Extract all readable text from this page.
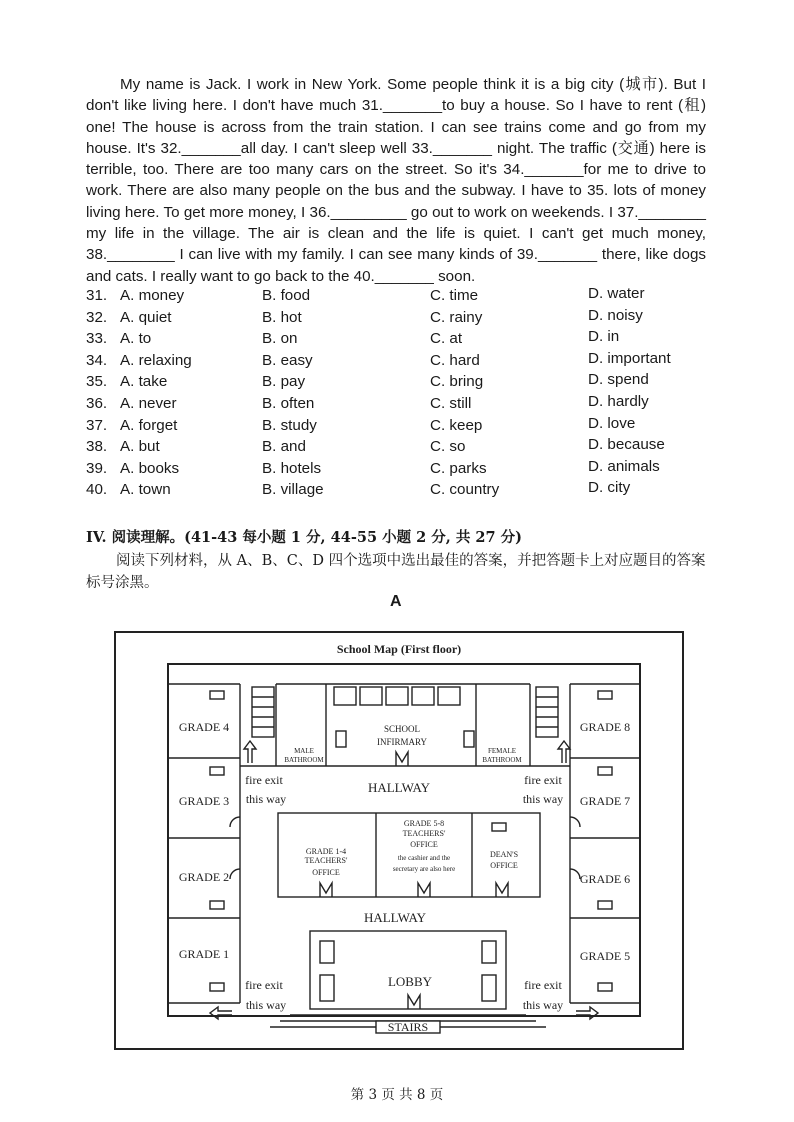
My name is Jack. I work in New York. Some people think it is a big city (城市). But I don't like living here. I don't have much 31._______to buy a house. So I have to rent (租) one! The house is across from the train station. I can see trains come and go from my house. It's 32._______all day. I can't sleep well 33._______ night. The traffic (交通) here is terrible, too. There are too many cars on the street. So it's 34._______for me to drive to work. There are also many people on the bus and the subway. I have to 35. lots of money living here. To get more money, I 36._________ go out to work on weekends. I 37.________ my life in the village. The air is clean and the life is quiet. I can't get much money, 38.________ I can live with my family. I can see many kinds of 39._______ there, like dogs and cats. I really want to go back to the 40._______ soon.

31. A. money	B. food	C. time	D. water
32. A. quiet	B. hot	C. rainy	D. noisy
33. A. to	B. on	C. at	D. in
34. A. relaxing	B. easy	C. hard	D. important
35. A. take	B. pay	C. bring	D. spend
36. A. never	B. often	C. still	D. hardly
37. A. forget	B. study	C. keep	D. love
38. A. but	B. and	C. so	D. because
39. A. books	B. hotels	C. parks	D. animals
40. A. town	B. village	C. country	D. city
IV. 阅读理解。(41-43 每小题 1 分, 44-55 小题 2 分, 共 27 分)

阅读下列材料，从 A、B、C、D 四个选项中选出最佳的答案，并把答题卡上对应题目的答案标号涂黑。

A
School Map (First floor)
GRADE 4
GRADE 3
GRADE 2
GRADE 1
GRADE 8
GRADE 7
GRADE 6
GRADE 5
MALE
BATHROOM
FEMALE
BATHROOM
SCHOOL
INFIRMARY
HALLWAY
HALLWAY
fire exit
this way
fire exit
this way
fire exit
this way
fire exit
this way
GRADE 1-4
TEACHERS'
OFFICE
GRADE 5-8
TEACHERS'
OFFICE
the cashier and the
secretary are also here
DEAN'S
OFFICE
LOBBY
STAIRS
第 3 页 共 8 页
